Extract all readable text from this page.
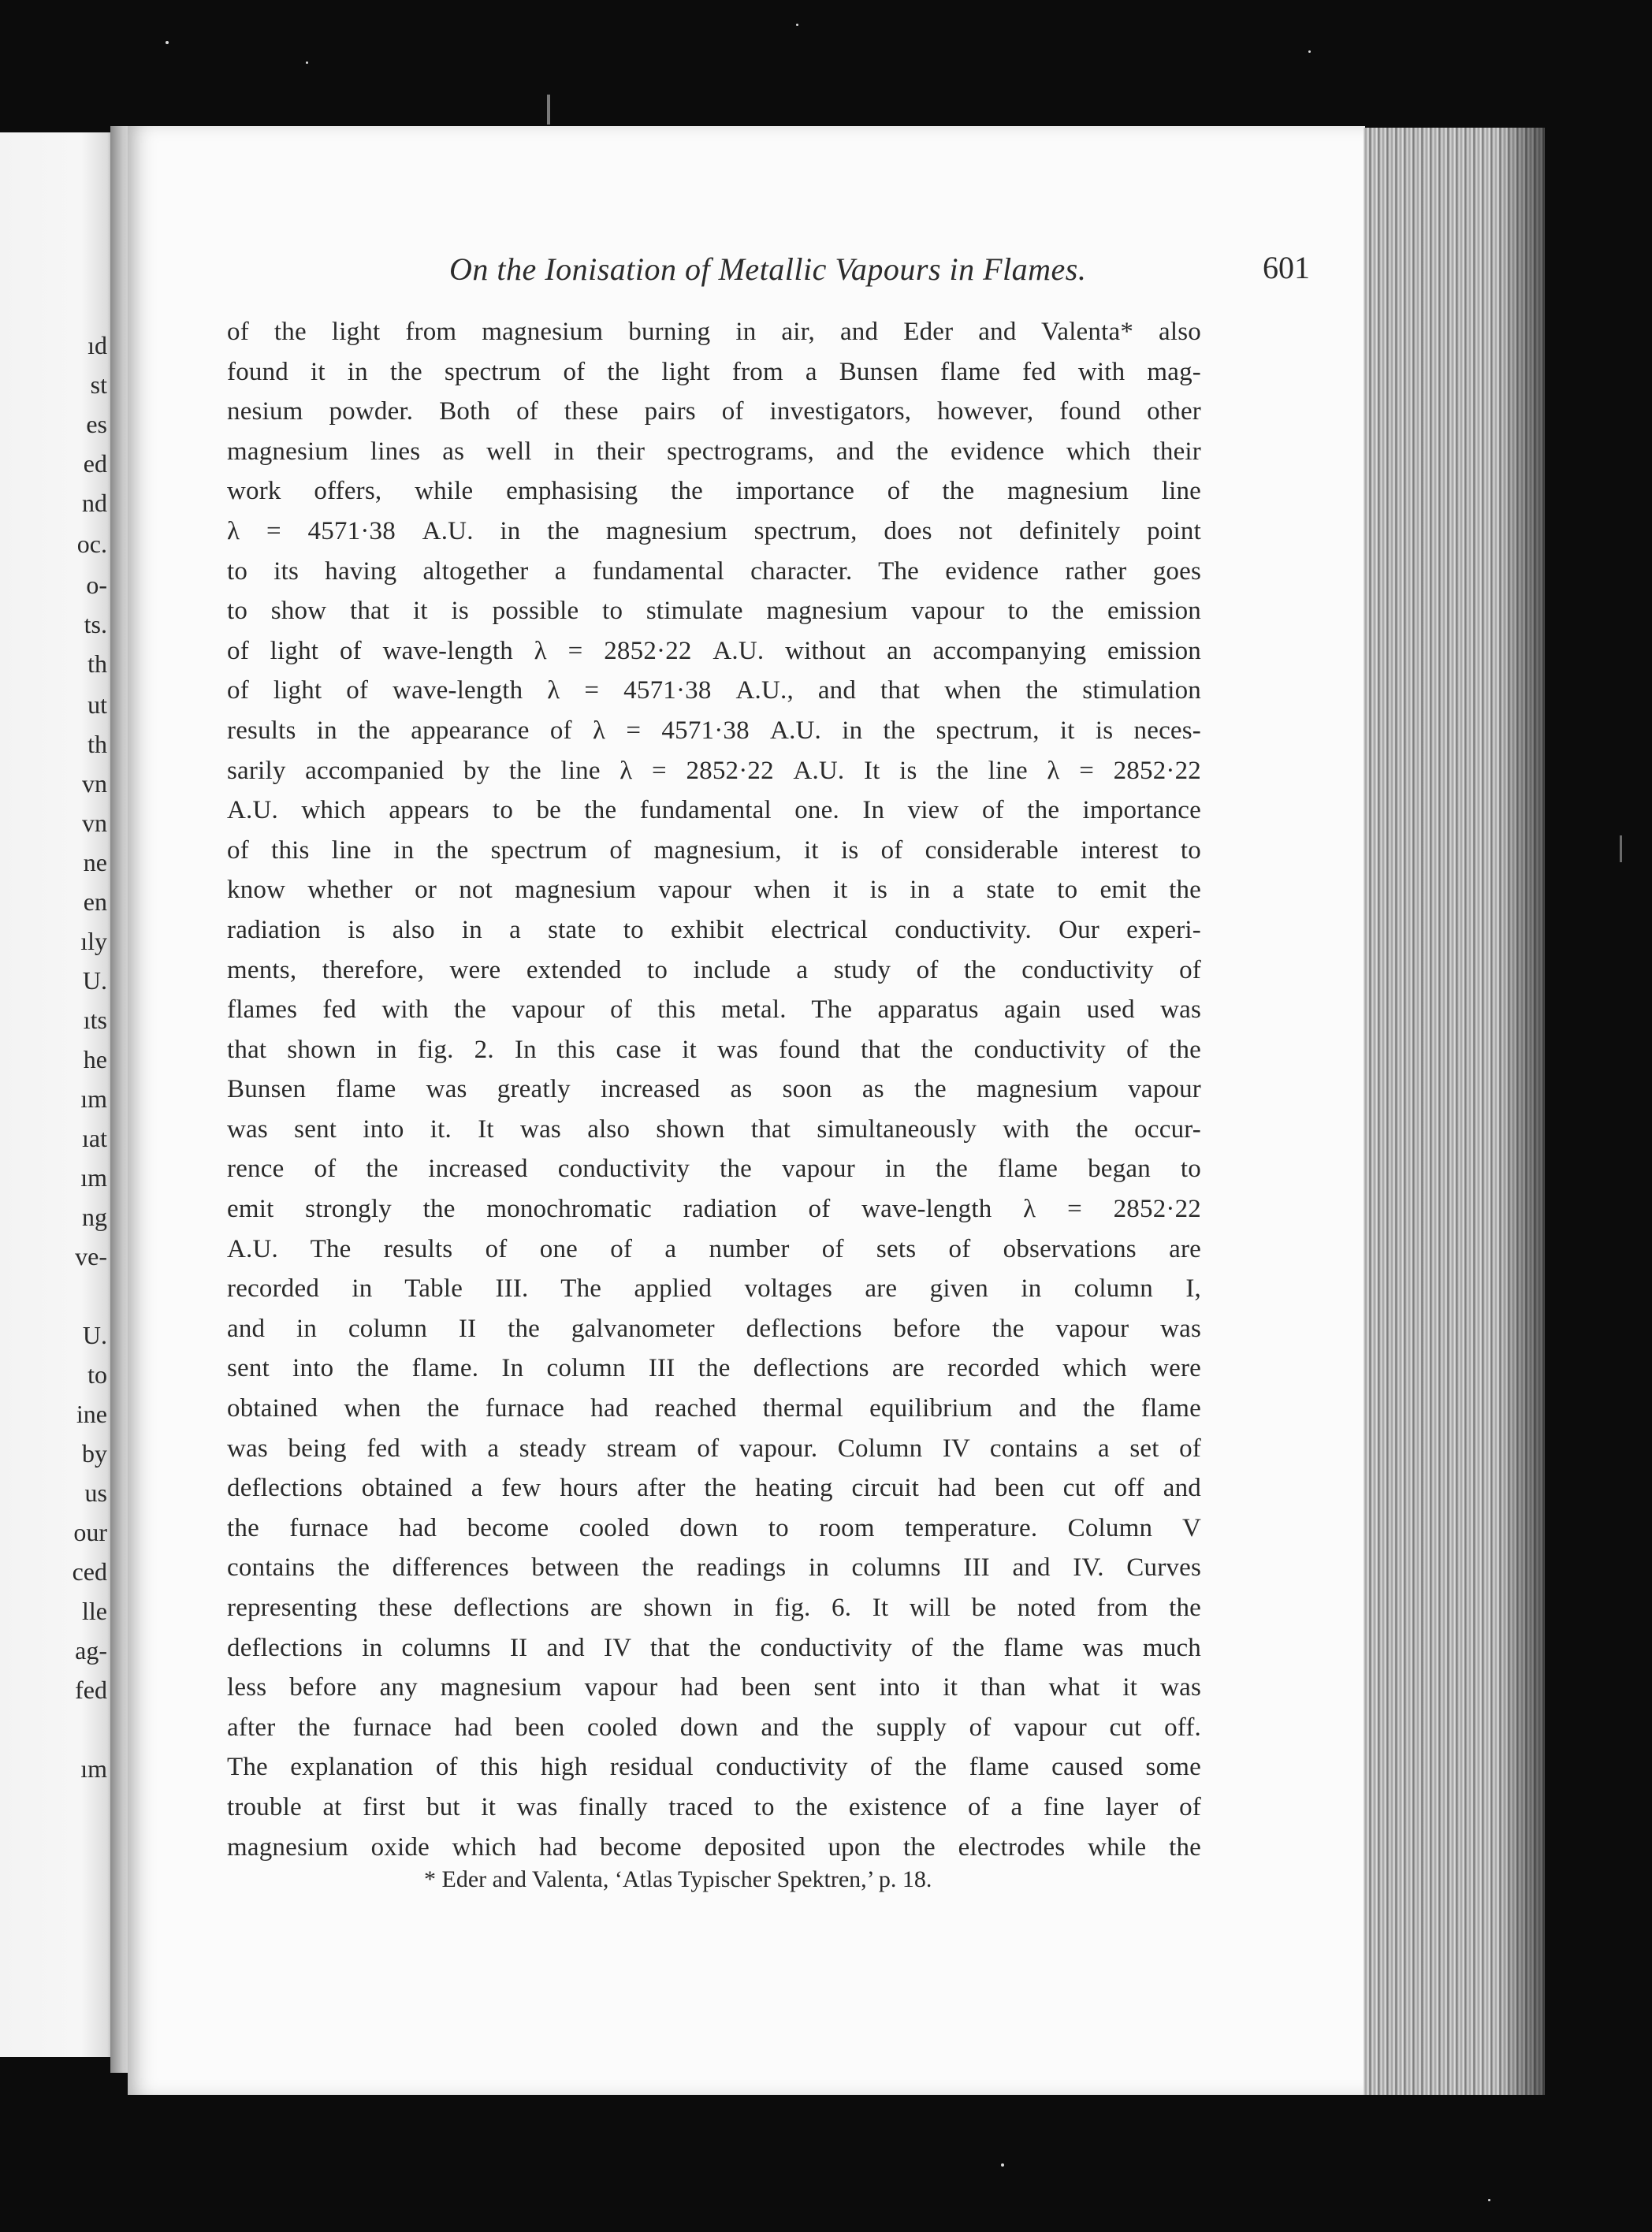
ıd
st
es
ed
nd
oc.
o-
ts.
th
ut
th
vn
vn
ne
en
ıly
U.
ıts
he
ım
ıat
ım
ng
ve-
U.
to
ine
by
us
our
ced
lle
ag-
fed
ım
On the Ionisation of Metallic Vapours in Flames.	601
of the light from magnesium burning in air, and Eder and Valenta* also
found it in the spectrum of the light from a Bunsen flame fed with mag-
nesium powder. Both of these pairs of investigators, however, found other
magnesium lines as well in their spectrograms, and the evidence which their
work offers, while emphasising the importance of the magnesium line
λ = 4571·38 A.U. in the magnesium spectrum, does not definitely point
to its having altogether a fundamental character. The evidence rather goes
to show that it is possible to stimulate magnesium vapour to the emission
of light of wave-length λ = 2852·22 A.U. without an accompanying emission
of light of wave-length λ = 4571·38 A.U., and that when the stimulation
results in the appearance of λ = 4571·38 A.U. in the spectrum, it is neces-
sarily accompanied by the line λ = 2852·22 A.U. It is the line λ = 2852·22
A.U. which appears to be the fundamental one. In view of the importance
of this line in the spectrum of magnesium, it is of considerable interest to
know whether or not magnesium vapour when it is in a state to emit the
radiation is also in a state to exhibit electrical conductivity. Our experi-
ments, therefore, were extended to include a study of the conductivity of
flames fed with the vapour of this metal. The apparatus again used was
that shown in fig. 2. In this case it was found that the conductivity of the
Bunsen flame was greatly increased as soon as the magnesium vapour
was sent into it. It was also shown that simultaneously with the occur-
rence of the increased conductivity the vapour in the flame began to
emit strongly the monochromatic radiation of wave-length λ = 2852·22
A.U. The results of one of a number of sets of observations are
recorded in Table III. The applied voltages are given in column I,
and in column II the galvanometer deflections before the vapour was
sent into the flame. In column III the deflections are recorded which were
obtained when the furnace had reached thermal equilibrium and the flame
was being fed with a steady stream of vapour. Column IV contains a set of
deflections obtained a few hours after the heating circuit had been cut off and
the furnace had become cooled down to room temperature. Column V
contains the differences between the readings in columns III and IV. Curves
representing these deflections are shown in fig. 6. It will be noted from the
deflections in columns II and IV that the conductivity of the flame was much
less before any magnesium vapour had been sent into it than what it was
after the furnace had been cooled down and the supply of vapour cut off.
The explanation of this high residual conductivity of the flame caused some
trouble at first but it was finally traced to the existence of a fine layer of
magnesium oxide which had become deposited upon the electrodes while the
* Eder and Valenta, ‘Atlas Typischer Spektren,’ p. 18.
